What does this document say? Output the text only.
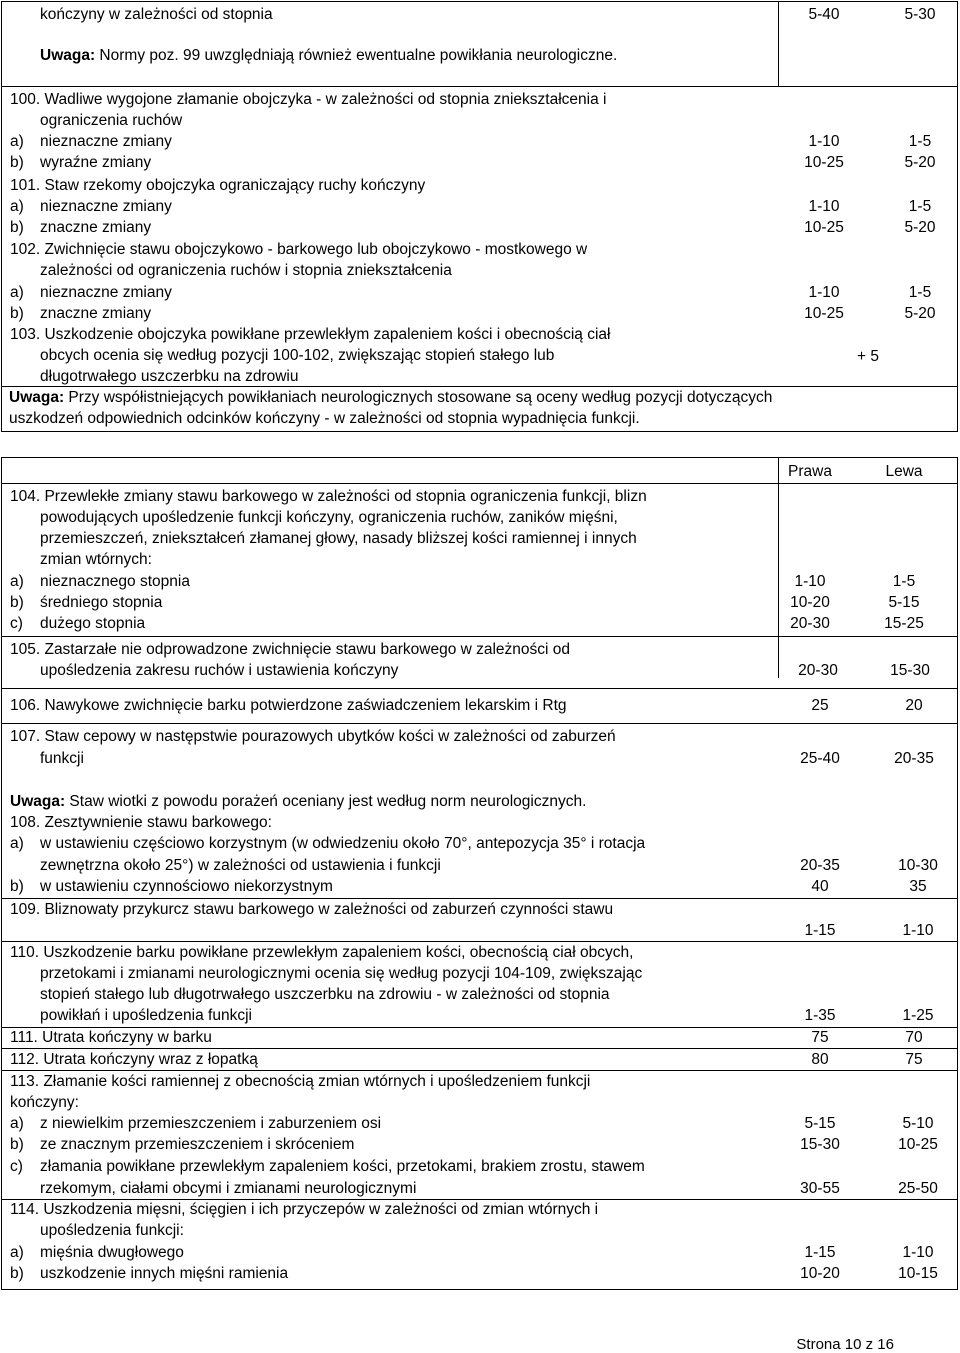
kończyny w zależności od stopnia	5-40	5-30
Uwaga: Normy poz. 99 uwzględniają również ewentualne powikłania neurologiczne.
100. Wadliwe wygojone złamanie obojczyka - w zależności od stopnia zniekształcenia i
ograniczenia ruchów
a) nieznaczne zmiany	1-10	1-5
b) wyraźne zmiany	10-25	5-20
101. Staw rzekomy obojczyka ograniczający ruchy kończyny
a) nieznaczne zmiany	1-10	1-5
b) znaczne zmiany	10-25	5-20
102. Zwichnięcie stawu obojczykowo - barkowego lub obojczykowo - mostkowego w
zależności od ograniczenia ruchów i stopnia zniekształcenia
a) nieznaczne zmiany	1-10	1-5
b) znaczne zmiany	10-25	5-20
103. Uszkodzenie obojczyka powikłane przewlekłym zapaleniem kości i obecnością ciał
obcych ocenia się według pozycji 100-102, zwiększając stopień stałego lub	+ 5
długotrwałego uszczerbku na zdrowiu
Uwaga: Przy współistniejących powikłaniach neurologicznych stosowane są oceny według pozycji dotyczących
uszkodzeń odpowiednich odcinków kończyny - w zależności od stopnia wypadnięcia funkcji.
Prawa	Lewa
104. Przewlekłe zmiany stawu barkowego w zależności od stopnia ograniczenia funkcji, blizn
powodujących upośledzenie funkcji kończyny, ograniczenia ruchów, zaników mięśni,
przemieszczeń, zniekształceń złamanej głowy, nasady bliższej kości ramiennej i innych
zmian wtórnych:
a) nieznacznego stopnia	1-10	1-5
b) średniego stopnia	10-20	5-15
c) dużego stopnia	20-30	15-25
105. Zastarzałe nie odprowadzone zwichnięcie stawu barkowego w zależności od
upośledzenia zakresu ruchów i ustawienia kończyny	20-30	15-30
106. Nawykowe zwichnięcie barku potwierdzone zaświadczeniem lekarskim i Rtg	25	20
107. Staw cepowy w następstwie pourazowych ubytków kości w zależności od zaburzeń
funkcji	25-40	20-35
Uwaga: Staw wiotki z powodu porażeń oceniany jest według norm neurologicznych.
108. Zesztywnienie stawu barkowego:
a) w ustawieniu częściowo korzystnym (w odwiedzeniu około 70°, antepozycja 35° i rotacja
zewnętrzna około 25°) w zależności od ustawienia i funkcji	20-35	10-30
b) w ustawieniu czynnościowo niekorzystnym	40	35
109. Bliznowaty przykurcz stawu barkowego w zależności od zaburzeń czynności stawu
1-15	1-10
110. Uszkodzenie barku powikłane przewlekłym zapaleniem kości, obecnością ciał obcych,
przetokami i zmianami neurologicznymi ocenia się według pozycji 104-109, zwiększając
stopień stałego lub długotrwałego uszczerbku na zdrowiu - w zależności od stopnia
powikłań i upośledzenia funkcji	1-35	1-25
111. Utrata kończyny w barku	75	70
112. Utrata kończyny wraz z łopatką	80	75
113. Złamanie kości ramiennej z obecnością zmian wtórnych i upośledzeniem funkcji
kończyny:
a) z niewielkim przemieszczeniem i zaburzeniem osi	5-15	5-10
b) ze znacznym przemieszczeniem i skróceniem	15-30	10-25
c) złamania powikłane przewlekłym zapaleniem kości, przetokami, brakiem zrostu, stawem
rzekomym, ciałami obcymi i zmianami neurologicznymi	30-55	25-50
114. Uszkodzenia mięsni, ścięgien i ich przyczepów w zależności od zmian wtórnych i
upośledzenia funkcji:
a) mięśnia dwugłowego	1-15	1-10
b) uszkodzenie innych mięśni ramienia	10-20	10-15
Strona 10 z 16
